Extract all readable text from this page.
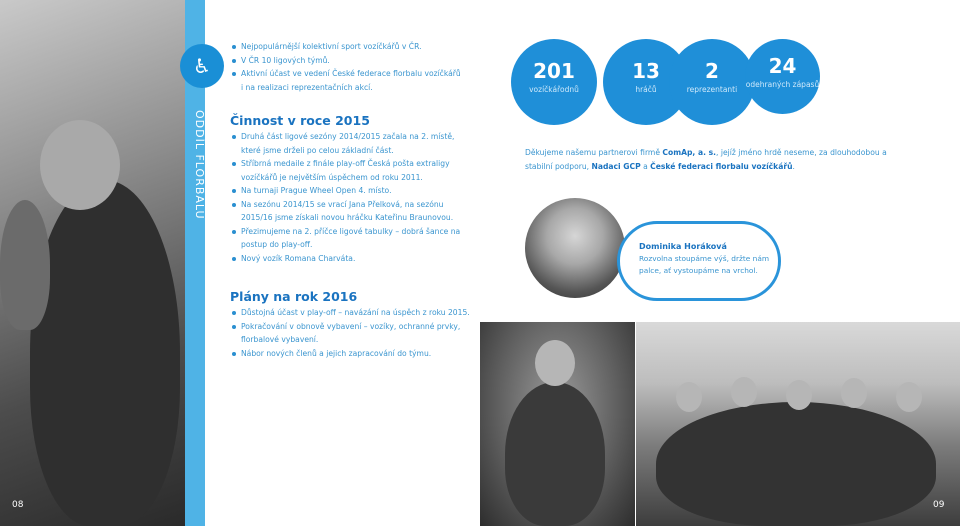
♿
ODDÍL FLORBALU
Nejpopulárnější kolektivní sport vozíčkářů v ČR.
V ČR 10 ligových týmů.
Aktivní účast ve vedení České federace florbalu vozíčkářů
i na realizaci reprezentačních akcí.
Činnost v roce 2015
Druhá část ligové sezóny 2014/2015 začala na 2. místě,
které jsme drželi po celou základní část.
Stříbrná medaile z finále play-off Česká pošta extraligy
vozíčkářů je největším úspěchem od roku 2011.
Na turnaji Prague Wheel Open 4. místo.
Na sezónu 2014/15 se vrací Jana Přelková, na sezónu
2015/16 jsme získali novou hráčku Kateřinu Braunovou.
Přezimujeme na 2. příčce ligové tabulky – dobrá šance na
postup do play-off.
Nový vozík Romana Charváta.
Plány na rok 2016
Důstojná účast v play-off – navázání na úspěch z roku 2015.
Pokračování v obnově vybavení – vozíky, ochranné prvky,
florbalové vybavení.
Nábor nových členů a jejich zapracování do týmu.
08
201
vozíčkářodnů
13
hráčů
2
reprezentanti
24
odehraných zápasů
Děkujeme našemu partnerovi firmě ComAp, a. s., jejíž jméno hrdě neseme, za dlouhodobou a stabilní podporu, Nadaci GCP a České federaci florbalu vozíčkářů.
Dominika Horáková
Rozvolna stoupáme výš, držte nám palce, ať vystoupáme na vrchol.
09
